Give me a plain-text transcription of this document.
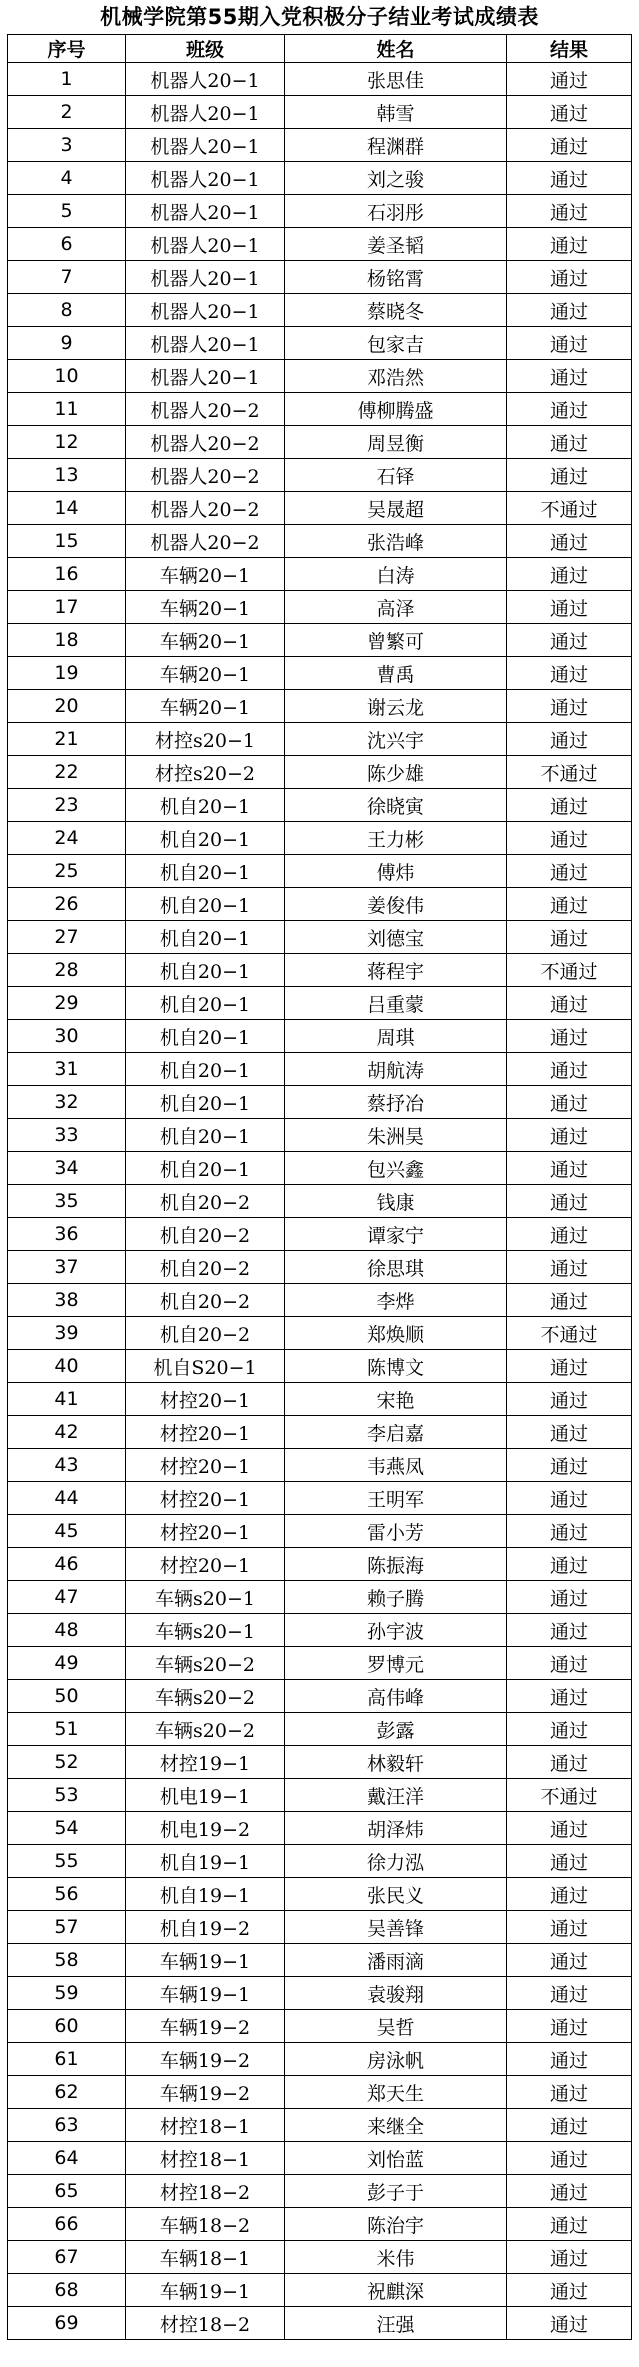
机械学院第55期入党积极分子结业考试成绩表
序号	班级	姓名	结果
1	机器人20−1	张思佳	通过
2	机器人20−1	韩雪	通过
3	机器人20−1	程渊群	通过
4	机器人20−1	刘之骏	通过
5	机器人20−1	石羽彤	通过
6	机器人20−1	姜圣韬	通过
7	机器人20−1	杨铭霄	通过
8	机器人20−1	蔡晓冬	通过
9	机器人20−1	包家吉	通过
10	机器人20−1	邓浩然	通过
11	机器人20−2	傅柳腾盛	通过
12	机器人20−2	周昱衡	通过
13	机器人20−2	石铎	通过
14	机器人20−2	吴晟超	不通过
15	机器人20−2	张浩峰	通过
16	车辆20−1	白涛	通过
17	车辆20−1	高泽	通过
18	车辆20−1	曾繁可	通过
19	车辆20−1	曹禹	通过
20	车辆20−1	谢云龙	通过
21	材控s20−1	沈兴宇	通过
22	材控s20−2	陈少雄	不通过
23	机自20−1	徐晓寅	通过
24	机自20−1	王力彬	通过
25	机自20−1	傅炜	通过
26	机自20−1	姜俊伟	通过
27	机自20−1	刘德宝	通过
28	机自20−1	蒋程宇	不通过
29	机自20−1	吕重蒙	通过
30	机自20−1	周琪	通过
31	机自20−1	胡航涛	通过
32	机自20−1	蔡抒冶	通过
33	机自20−1	朱洲昊	通过
34	机自20−1	包兴鑫	通过
35	机自20−2	钱康	通过
36	机自20−2	谭家宁	通过
37	机自20−2	徐思琪	通过
38	机自20−2	李烨	通过
39	机自20−2	郑焕顺	不通过
40	机自S20−1	陈博文	通过
41	材控20−1	宋艳	通过
42	材控20−1	李启嘉	通过
43	材控20−1	韦燕凤	通过
44	材控20−1	王明军	通过
45	材控20−1	雷小芳	通过
46	材控20−1	陈振海	通过
47	车辆s20−1	赖子腾	通过
48	车辆s20−1	孙宇波	通过
49	车辆s20−2	罗博元	通过
50	车辆s20−2	高伟峰	通过
51	车辆s20−2	彭露	通过
52	材控19−1	林毅轩	通过
53	机电19−1	戴汪洋	不通过
54	机电19−2	胡泽炜	通过
55	机自19−1	徐力泓	通过
56	机自19−1	张民义	通过
57	机自19−2	吴善锋	通过
58	车辆19−1	潘雨滴	通过
59	车辆19−1	袁骏翔	通过
60	车辆19−2	吴哲	通过
61	车辆19−2	房泳帆	通过
62	车辆19−2	郑天生	通过
63	材控18−1	来继全	通过
64	材控18−1	刘怡蓝	通过
65	材控18−2	彭子于	通过
66	车辆18−2	陈治宇	通过
67	车辆18−1	米伟	通过
68	车辆19−1	祝麒深	通过
69	材控18−2	汪强	通过
